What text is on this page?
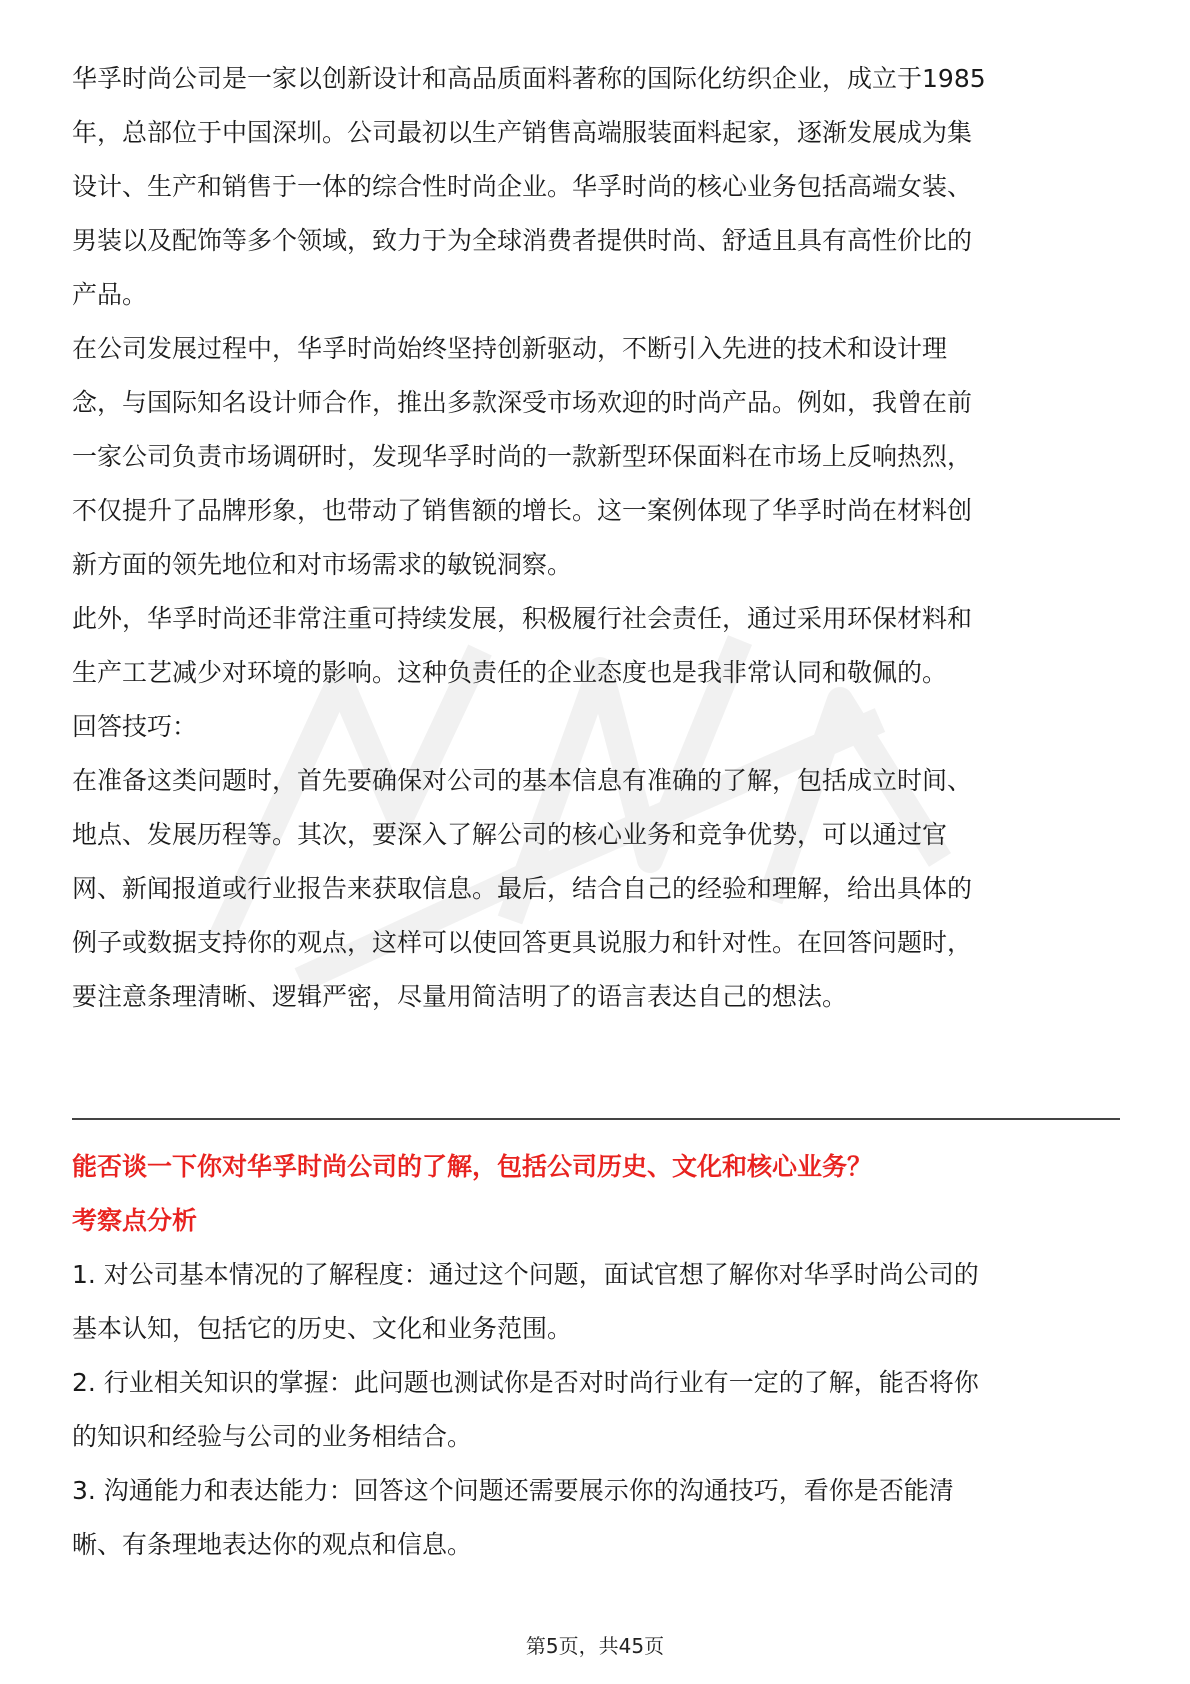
华孚时尚公司是一家以创新设计和高品质面料著称的国际化纺织企业，成立于1985
年，总部位于中国深圳。公司最初以生产销售高端服装面料起家，逐渐发展成为集
设计、生产和销售于一体的综合性时尚企业。华孚时尚的核心业务包括高端女装、
男装以及配饰等多个领域，致力于为全球消费者提供时尚、舒适且具有高性价比的
产品。
在公司发展过程中，华孚时尚始终坚持创新驱动，不断引入先进的技术和设计理
念，与国际知名设计师合作，推出多款深受市场欢迎的时尚产品。例如，我曾在前
一家公司负责市场调研时，发现华孚时尚的一款新型环保面料在市场上反响热烈，
不仅提升了品牌形象，也带动了销售额的增长。这一案例体现了华孚时尚在材料创
新方面的领先地位和对市场需求的敏锐洞察。
此外，华孚时尚还非常注重可持续发展，积极履行社会责任，通过采用环保材料和
生产工艺减少对环境的影响。这种负责任的企业态度也是我非常认同和敬佩的。
回答技巧：
在准备这类问题时，首先要确保对公司的基本信息有准确的了解，包括成立时间、
地点、发展历程等。其次，要深入了解公司的核心业务和竞争优势，可以通过官
网、新闻报道或行业报告来获取信息。最后，结合自己的经验和理解，给出具体的
例子或数据支持你的观点，这样可以使回答更具说服力和针对性。在回答问题时，
要注意条理清晰、逻辑严密，尽量用简洁明了的语言表达自己的想法。

能否谈一下你对华孚时尚公司的了解，包括公司历史、文化和核心业务？

考察点分析

1. 对公司基本情况的了解程度：通过这个问题，面试官想了解你对华孚时尚公司的
基本认知，包括它的历史、文化和业务范围。
2. 行业相关知识的掌握：此问题也测试你是否对时尚行业有一定的了解，能否将你
的知识和经验与公司的业务相结合。
3. 沟通能力和表达能力：回答这个问题还需要展示你的沟通技巧，看你是否能清
晰、有条理地表达你的观点和信息。
第5页，共45页
